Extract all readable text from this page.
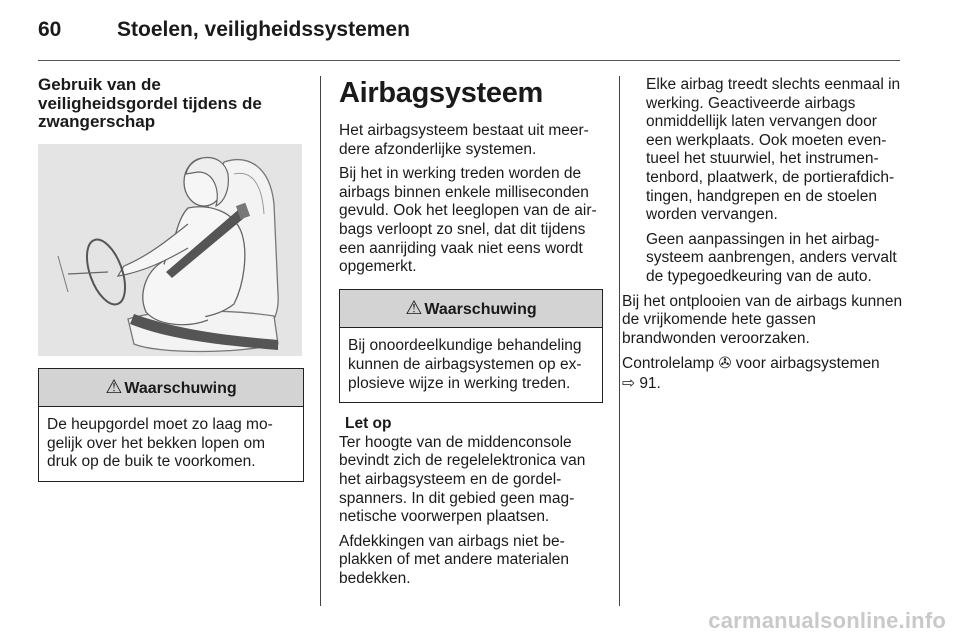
60	Stoelen, veiligheidssystemen
Gebruik van de veiligheidsgordel tijdens de zwangerschap
⚠ Waarschuwing
De heupgordel moet zo laag mogelijk over het bekken lopen om druk op de buik te voorkomen.
Airbagsysteem

Het airbagsysteem bestaat uit meerdere afzonderlijke systemen.

Bij het in werking treden worden de airbags binnen enkele milliseconden gevuld. Ook het leeglopen van de airbags verloopt zo snel, dat dit tijdens een aanrijding vaak niet eens wordt opgemerkt.

⚠ Waarschuwing
Bij onoordeelkundige behandeling kunnen de airbagsystemen op explosieve wijze in werking treden.
Let op

Ter hoogte van de middenconsole bevindt zich de regelelektronica van het airbagsysteem en de gordelspanners. In dit gebied geen magnetische voorwerpen plaatsen.

Afdekkingen van airbags niet beplakken of met andere materialen bedekken.

Elke airbag treedt slechts eenmaal in werking. Geactiveerde airbags onmiddellijk laten vervangen door een werkplaats. Ook moeten eventueel het stuurwiel, het instrumentenbord, plaatwerk, de portierafdichtingen, handgrepen en de stoelen worden vervangen.

Geen aanpassingen in het airbagsysteem aanbrengen, anders vervalt de typegoedkeuring van de auto.

Bij het ontplooien van de airbags kunnen de vrijkomende hete gassen brandwonden veroorzaken.

Controlelamp ✇ voor airbagsystemen
⇨ 91.

carmanualsonline.info
